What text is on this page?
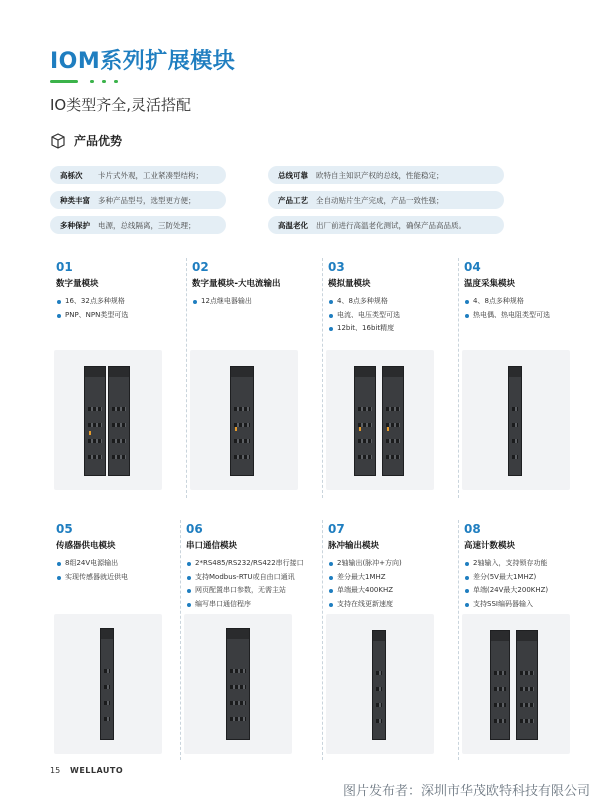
IOM系列扩展模块
IO类型齐全,灵活搭配
产品优势
高栎次	卡片式外观，工业紧凑型结构；	总线可靠	欧特自主知识产权的总线，性能稳定；
种类丰富	多种产品型号，选型更方便；	产品工艺	全自动贴片生产完成，产品一致性强；
多种保护	电源，总线隔离，三防处理；	高温老化	出厂前进行高温老化测试，确保产品高品质。
01
数字量模块
16、32点多种规格
PNP、NPN类型可选
02
数字量模块-大电流输出
12点继电器输出
03
模拟量模块
4、8点多种规格
电流、电压类型可选
12bit、16bit精度
04
温度采集模块
4、8点多种规格
热电偶、热电阻类型可选
05
传感器供电模块
8组24V电源输出
实现传感器就近供电
06
串口通信模块
2*RS485/RS232/RS422串行接口
支持Modbus-RTU或自由口通讯
网页配置串口参数，无需主站
编写串口通信程序
07
脉冲输出模块
2轴输出(脉冲+方向)
差分最大1MHZ
单端最大400KHZ
支持在线更新速度
08
高速计数模块
2轴输入，支持锁存功能
差分(5V最大1MHZ)
单端(24V最大200KHZ)
支持SSI编码器输入
15 WELLAUTO
图片发布者：深圳市华茂欧特科技有限公司
